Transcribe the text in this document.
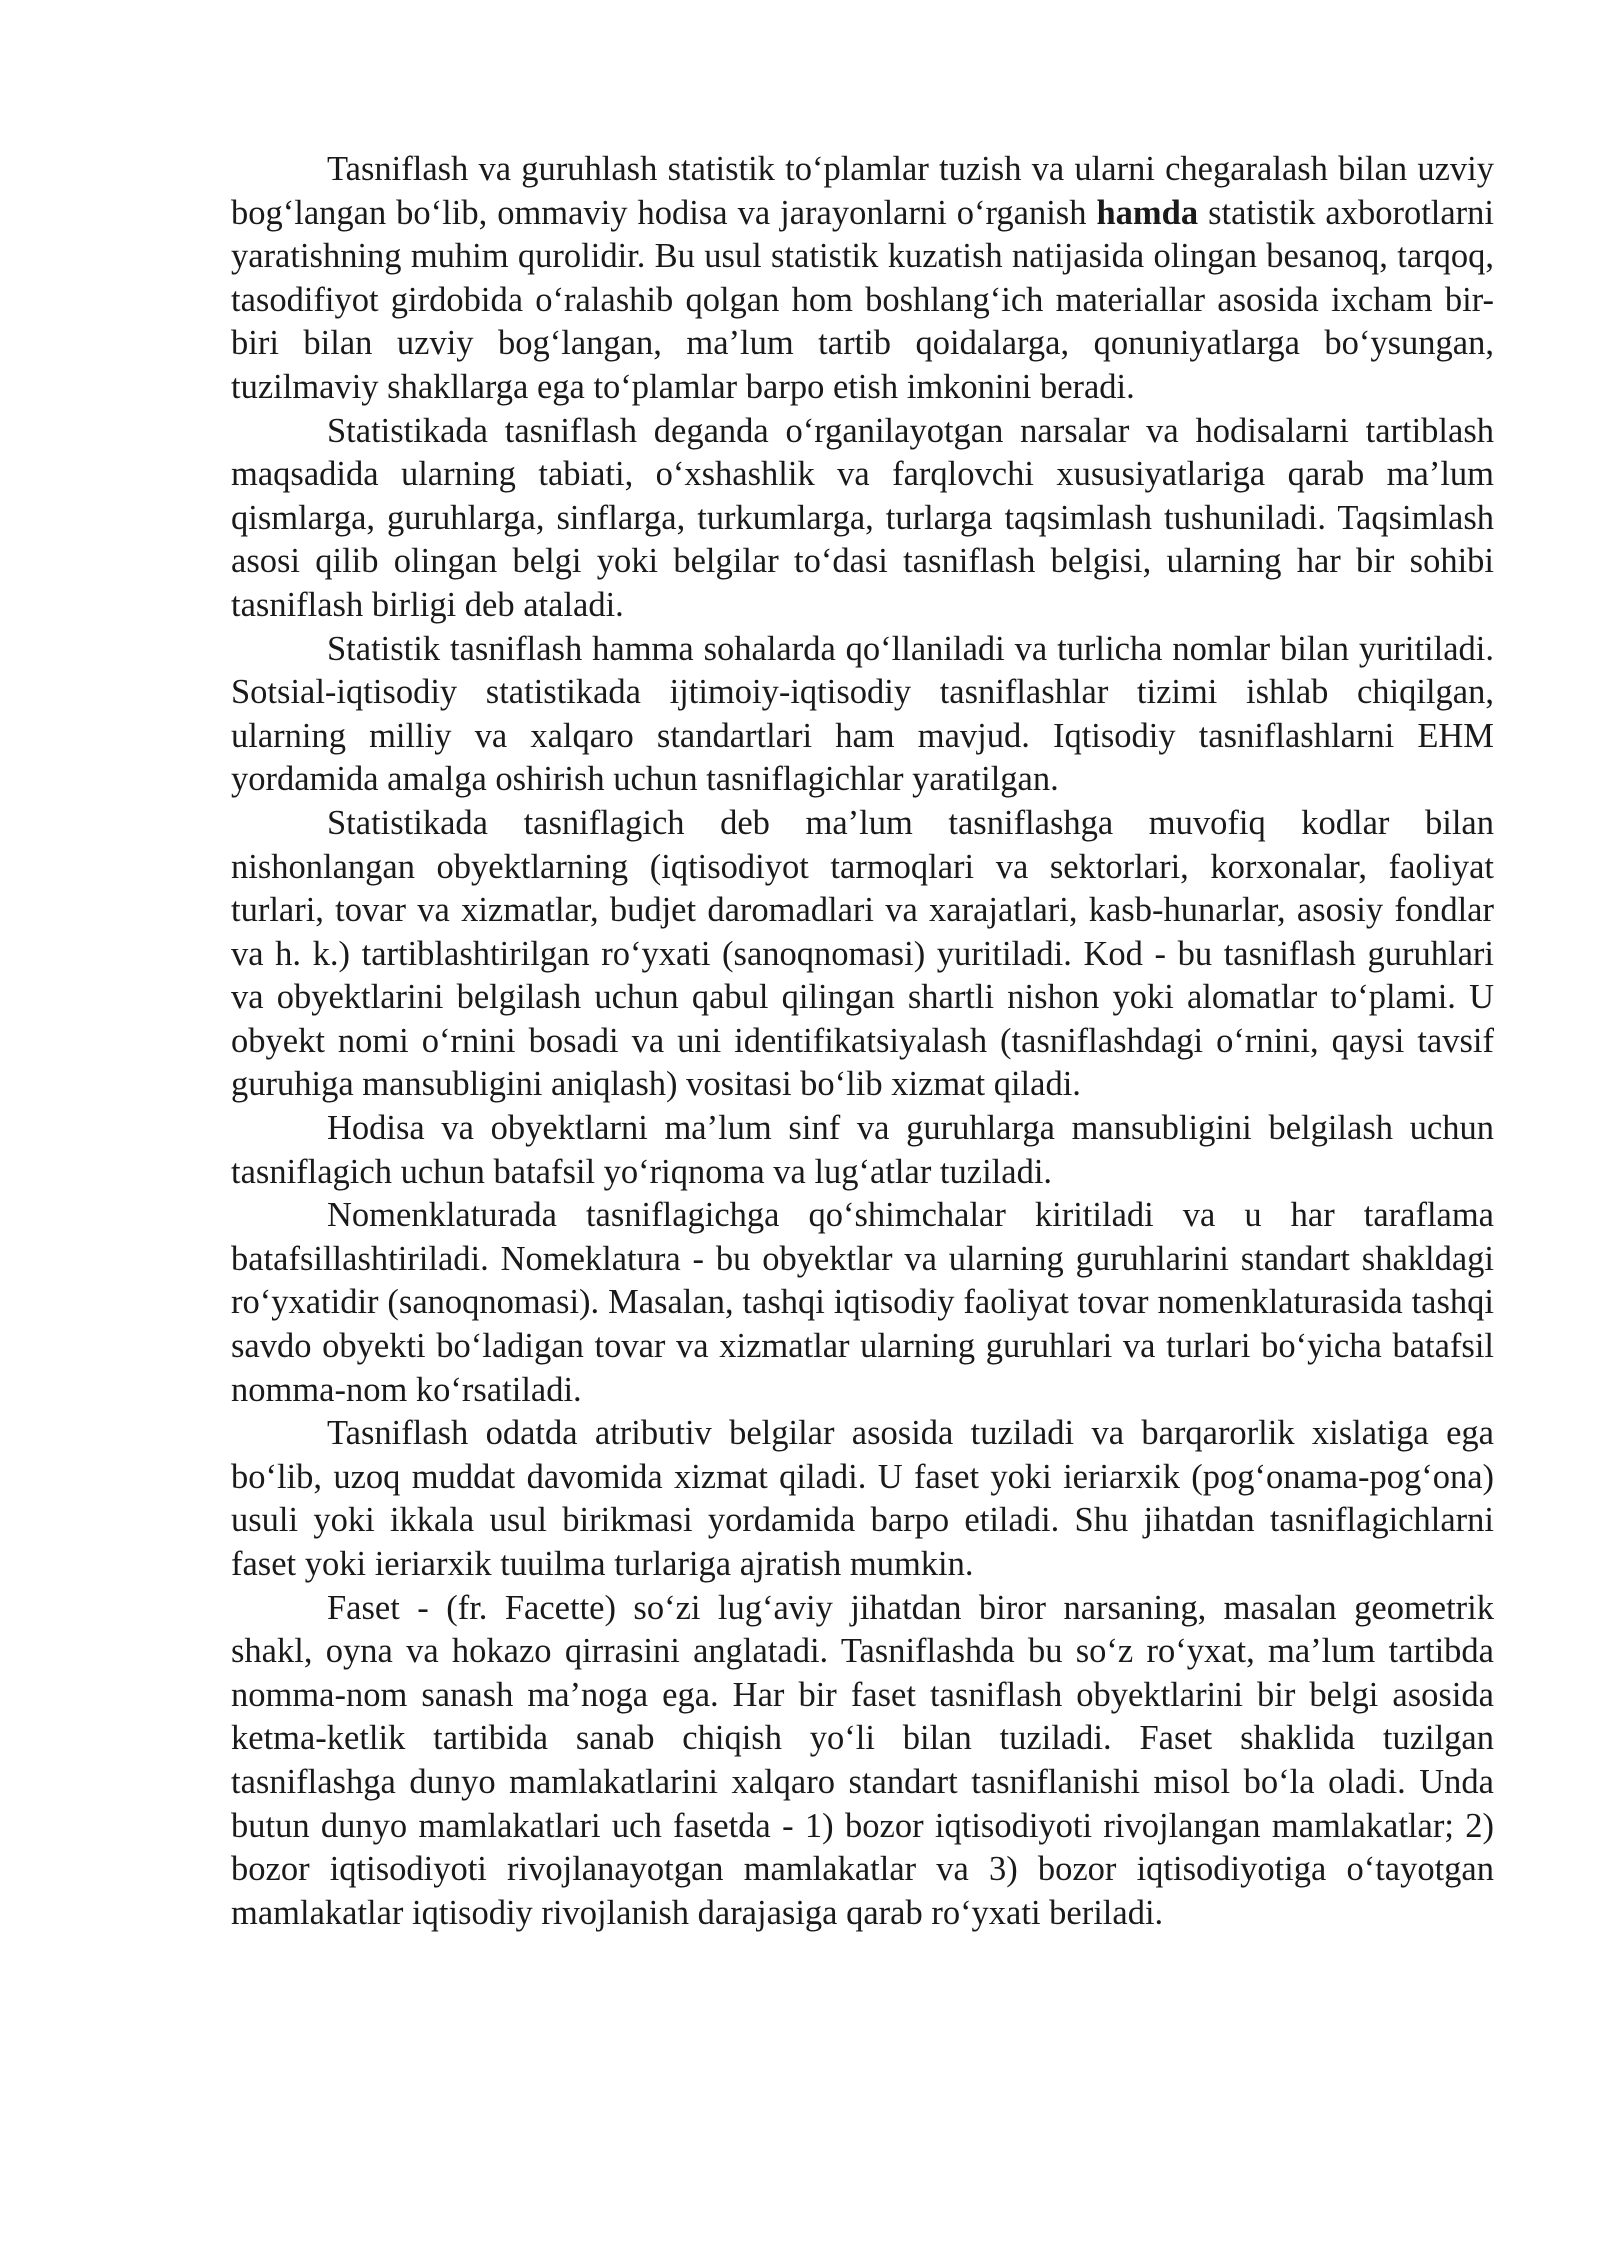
Tasniflash va guruhlash statistik to‘plamlar tuzish va ularni chegaralash bilan uzviy bog‘langan bo‘lib, ommaviy hodisa va jarayonlarni o‘rganish hamda statistik axborotlarni yaratishning muhim qurolidir. Bu usul statistik kuzatish natijasida olingan besanoq, tarqoq, tasodifiyot girdobida o‘ralashib qolgan hom boshlang‘ich materiallar asosida ixcham bir-biri bilan uzviy bog‘langan, ma’lum tartib qoidalarga, qonuniyatlarga bo‘ysungan, tuzilmaviy shakllarga ega to‘plamlar barpo etish imkonini beradi.

Statistikada tasniflash deganda o‘rganilayotgan narsalar va hodisalarni tartiblash maqsadida ularning tabiati, o‘xshashlik va farqlovchi xususiyatlariga qarab ma’lum qismlarga, guruhlarga, sinflarga, turkumlarga, turlarga taqsimlash tushuniladi. Taqsimlash asosi qilib olingan belgi yoki belgilar to‘dasi tasniflash belgisi, ularning har bir sohibi tasniflash birligi deb ataladi.

Statistik tasniflash hamma sohalarda qo‘llaniladi va turlicha nomlar bilan yuritiladi. Sotsial-iqtisodiy statistikada ijtimoiy-iqtisodiy tasniflashlar tizimi ishlab chiqilgan, ularning milliy va xalqaro standartlari ham mavjud. Iqtisodiy tasniflashlarni EHM yordamida amalga oshirish uchun tasniflagichlar yaratilgan.

Statistikada tasniflagich deb ma’lum tasniflashga muvofiq kodlar bilan nishonlangan obyektlarning (iqtisodiyot tarmoqlari va sektorlari, korxonalar, faoliyat turlari, tovar va xizmatlar, budjet daromadlari va xarajatlari, kasb-hunarlar, asosiy fondlar va h. k.) tartiblashtirilgan ro‘yxati (sanoqnomasi) yuritiladi. Kod - bu tasniflash guruhlari va obyektlarini belgilash uchun qabul qilingan shartli nishon yoki alomatlar to‘plami. U obyekt nomi o‘rnini bosadi va uni identifikatsiyalash (tasniflashdagi o‘rnini, qaysi tavsif guruhiga mansubligini aniqlash) vositasi bo‘lib xizmat qiladi.

Hodisa va obyektlarni ma’lum sinf va guruhlarga mansubligini belgilash uchun tasniflagich uchun batafsil yo‘riqnoma va lug‘atlar tuziladi.

Nomenklaturada tasniflagichga qo‘shimchalar kiritiladi va u har taraflama batafsillashtiriladi. Nomeklatura - bu obyektlar va ularning guruhlarini standart shakldagi ro‘yxatidir (sanoqnomasi). Masalan, tashqi iqtisodiy faoliyat tovar nomenklaturasida tashqi savdo obyekti bo‘ladigan tovar va xizmatlar ularning guruhlari va turlari bo‘yicha batafsil nomma-nom ko‘rsatiladi.

Tasniflash odatda atributiv belgilar asosida tuziladi va barqarorlik xislatiga ega bo‘lib, uzoq muddat davomida xizmat qiladi. U faset yoki ieriarxik (pog‘onama-pog‘ona) usuli yoki ikkala usul birikmasi yordamida barpo etiladi. Shu jihatdan tasniflagichlarni faset yoki ieriarxik tuuilma turlariga ajratish mumkin.

Faset - (fr. Facette) so‘zi lug‘aviy jihatdan biror narsaning, masalan geometrik shakl, oyna va hokazo qirrasini anglatadi. Tasniflashda bu so‘z ro‘yxat, ma’lum tartibda nomma-nom sanash ma’noga ega. Har bir faset tasniflash obyektlarini bir belgi asosida ketma-ketlik tartibida sanab chiqish yo‘li bilan tuziladi. Faset shaklida tuzilgan tasniflashga dunyo mamlakatlarini xalqaro standart tasniflanishi misol bo‘la oladi. Unda butun dunyo mamlakatlari uch fasetda - 1) bozor iqtisodiyoti rivojlangan mamlakatlar; 2) bozor iqtisodiyoti rivojlanayotgan mamlakatlar va 3) bozor iqtisodiyotiga o‘tayotgan mamlakatlar iqtisodiy rivojlanish darajasiga qarab ro‘yxati beriladi.
